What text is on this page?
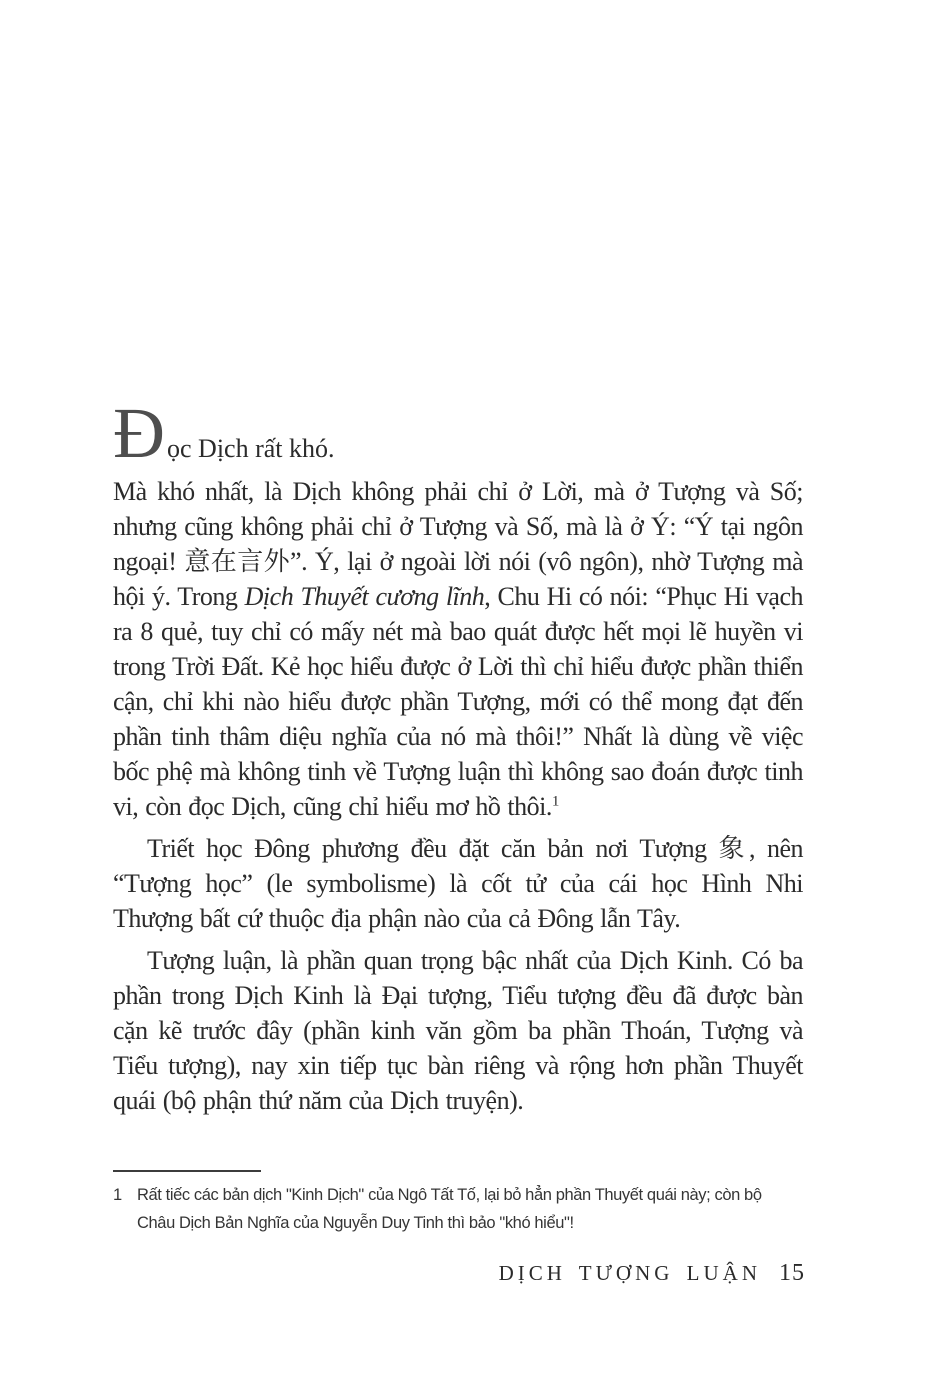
Đọc Dịch rất khó.

Mà khó nhất, là Dịch không phải chỉ ở Lời, mà ở Tượng và Số; nhưng cũng không phải chỉ ở Tượng và Số, mà là ở Ý: “Ý tại ngôn ngoại! 意在言外”. Ý, lại ở ngoài lời nói (vô ngôn), nhờ Tượng mà hội ý. Trong Dịch Thuyết cương lĩnh, Chu Hi có nói: “Phục Hi vạch ra 8 quẻ, tuy chỉ có mấy nét mà bao quát được hết mọi lẽ huyền vi trong Trời Đất. Kẻ học hiểu được ở Lời thì chỉ hiểu được phần thiển cận, chỉ khi nào hiểu được phần Tượng, mới có thể mong đạt đến phần tinh thâm diệu nghĩa của nó mà thôi!” Nhất là dùng về việc bốc phệ mà không tinh về Tượng luận thì không sao đoán được tinh vi, còn đọc Dịch, cũng chỉ hiểu mơ hồ thôi.$^1$

Triết học Đông phương đều đặt căn bản nơi Tượng 象, nên “Tượng học” (le symbolisme) là cốt tử của cái học Hình Nhi Thượng bất cứ thuộc địa phận nào của cả Đông lẫn Tây.

Tượng luận, là phần quan trọng bậc nhất của Dịch Kinh. Có ba phần trong Dịch Kinh là Đại tượng, Tiểu tượng đều đã được bàn cặn kẽ trước đây (phần kinh văn gồm ba phần Thoán, Tượng và Tiểu tượng), nay xin tiếp tục bàn riêng và rộng hơn phần Thuyết quái (bộ phận thứ năm của Dịch truyện).

1 Rất tiếc các bản dịch "Kinh Dịch" của Ngô Tất Tố, lại bỏ hẳn phần Thuyết quái này; còn bộ Châu Dịch Bản Nghĩa của Nguyễn Duy Tinh thì bảo "khó hiểu"!
DỊCH TƯỢNG LUẬN 15
